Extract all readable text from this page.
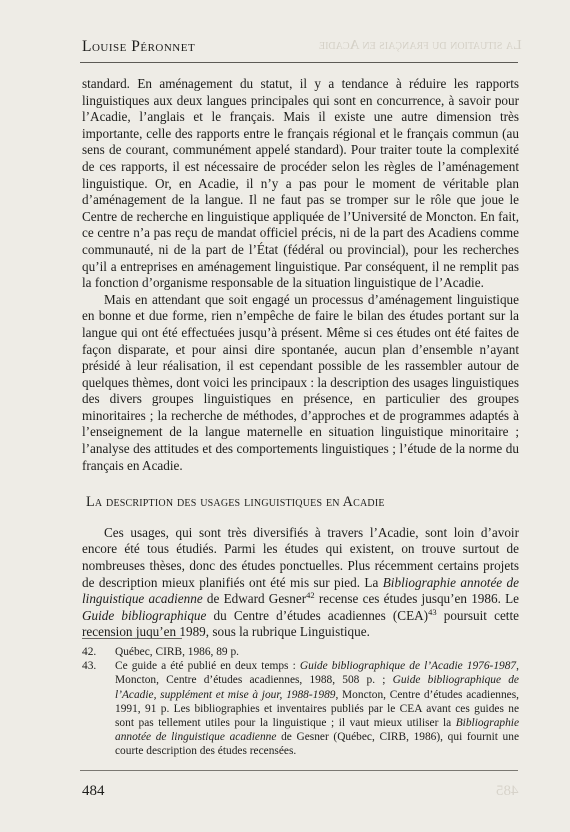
Louise Péronnet	La situation du français en Acadie

standard. En aménagement du statut, il y a tendance à réduire les rapports linguistiques aux deux langues principales qui sont en concurrence, à savoir pour l’Acadie, l’anglais et le français. Mais il existe une autre dimension très importante, celle des rapports entre le français régional et le français commun (au sens de courant, communément appelé standard). Pour traiter toute la complexité de ces rapports, il est nécessaire de procéder selon les règles de l’aménagement linguistique. Or, en Acadie, il n’y a pas pour le moment de véritable plan d’aménagement de la langue. Il ne faut pas se tromper sur le rôle que joue le Centre de recherche en linguistique appliquée de l’Université de Moncton. En fait, ce centre n’a pas reçu de mandat officiel précis, ni de la part des Acadiens comme communauté, ni de la part de l’État (fédéral ou provincial), pour les recherches qu’il a entreprises en aménagement linguistique. Par conséquent, il ne remplit pas la fonction d’organisme responsable de la situation linguistique de l’Acadie.

Mais en attendant que soit engagé un processus d’aménagement linguistique en bonne et due forme, rien n’empêche de faire le bilan des études portant sur la langue qui ont été effectuées jusqu’à présent. Même si ces études ont été faites de façon disparate, et pour ainsi dire spontanée, aucun plan d’ensemble n’ayant présidé à leur réalisation, il est cependant possible de les rassembler autour de quelques thèmes, dont voici les principaux : la description des usages linguistiques des divers groupes linguistiques en présence, en particulier des groupes minoritaires ; la recherche de méthodes, d’approches et de programmes adaptés à l’enseignement de la langue maternelle en situation linguistique minoritaire ; l’analyse des attitudes et des comportements linguistiques ; l’étude de la norme du français en Acadie.

La description des usages linguistiques en Acadie

Ces usages, qui sont très diversifiés à travers l’Acadie, sont loin d’avoir encore été tous étudiés. Parmi les études qui existent, on trouve surtout de nombreuses thèses, donc des études ponctuelles. Plus récemment certains projets de description mieux planifiés ont été mis sur pied. La Bibliographie annotée de linguistique acadienne de Edward Gesner$^{42}$ recense ces études jusqu’en 1986. Le Guide bibliographique du Centre d’études acadiennes (CEA)$^{43}$ poursuit cette recension juqu’en 1989, sous la rubrique Linguistique.

42.	Québec, CIRB, 1986, 89 p.
43.	Ce guide a été publié en deux temps : Guide bibliographique de l’Acadie 1976-1987, Moncton, Centre d’études acadiennes, 1988, 508 p. ; Guide bibliographique de l’Acadie, supplément et mise à jour, 1988-1989, Moncton, Centre d’études acadiennes, 1991, 91 p. Les bibliographies et inventaires publiés par le CEA avant ces guides ne sont pas tellement utiles pour la linguistique ; il vaut mieux utiliser la Bibliographie annotée de linguistique acadienne de Gesner (Québec, CIRB, 1986), qui fournit une courte description des études recensées.
484	485
